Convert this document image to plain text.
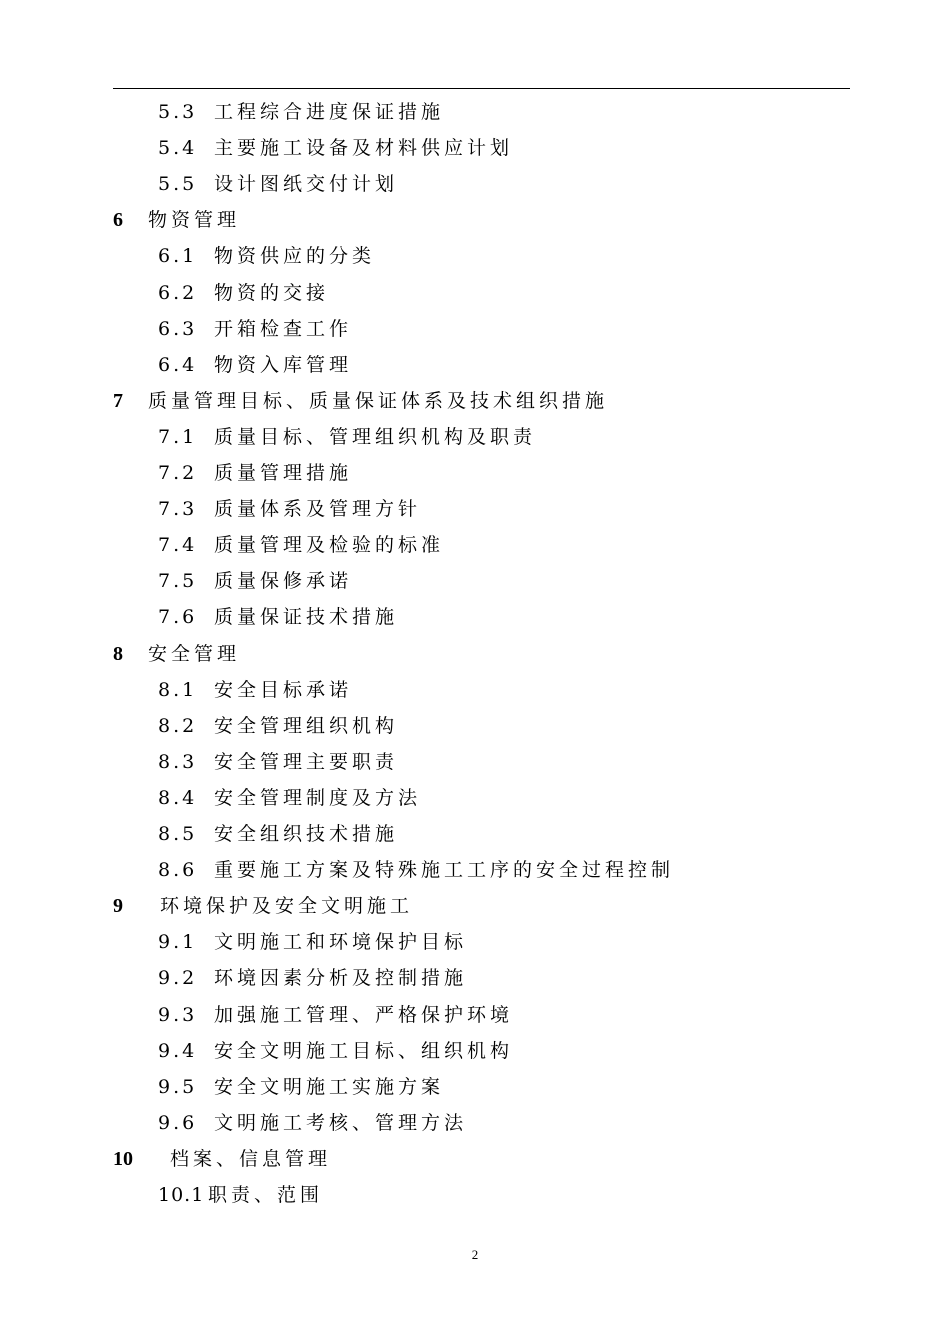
5.3 工程综合进度保证措施
5.4 主要施工设备及材料供应计划
5.5 设计图纸交付计划
6 物资管理
6.1 物资供应的分类
6.2 物资的交接
6.3 开箱检查工作
6.4 物资入库管理
7 质量管理目标、质量保证体系及技术组织措施
7.1 质量目标、管理组织机构及职责
7.2 质量管理措施
7.3 质量体系及管理方针
7.4 质量管理及检验的标准
7.5 质量保修承诺
7.6 质量保证技术措施
8 安全管理
8.1 安全目标承诺
8.2 安全管理组织机构
8.3 安全管理主要职责
8.4 安全管理制度及方法
8.5 安全组织技术措施
8.6 重要施工方案及特殊施工工序的安全过程控制
9 环境保护及安全文明施工
9.1 文明施工和环境保护目标
9.2 环境因素分析及控制措施
9.3 加强施工管理、严格保护环境
9.4 安全文明施工目标、组织机构
9.5 安全文明施工实施方案
9.6 文明施工考核、管理方法
10 档案、信息管理
10.1 职责、范围
2
